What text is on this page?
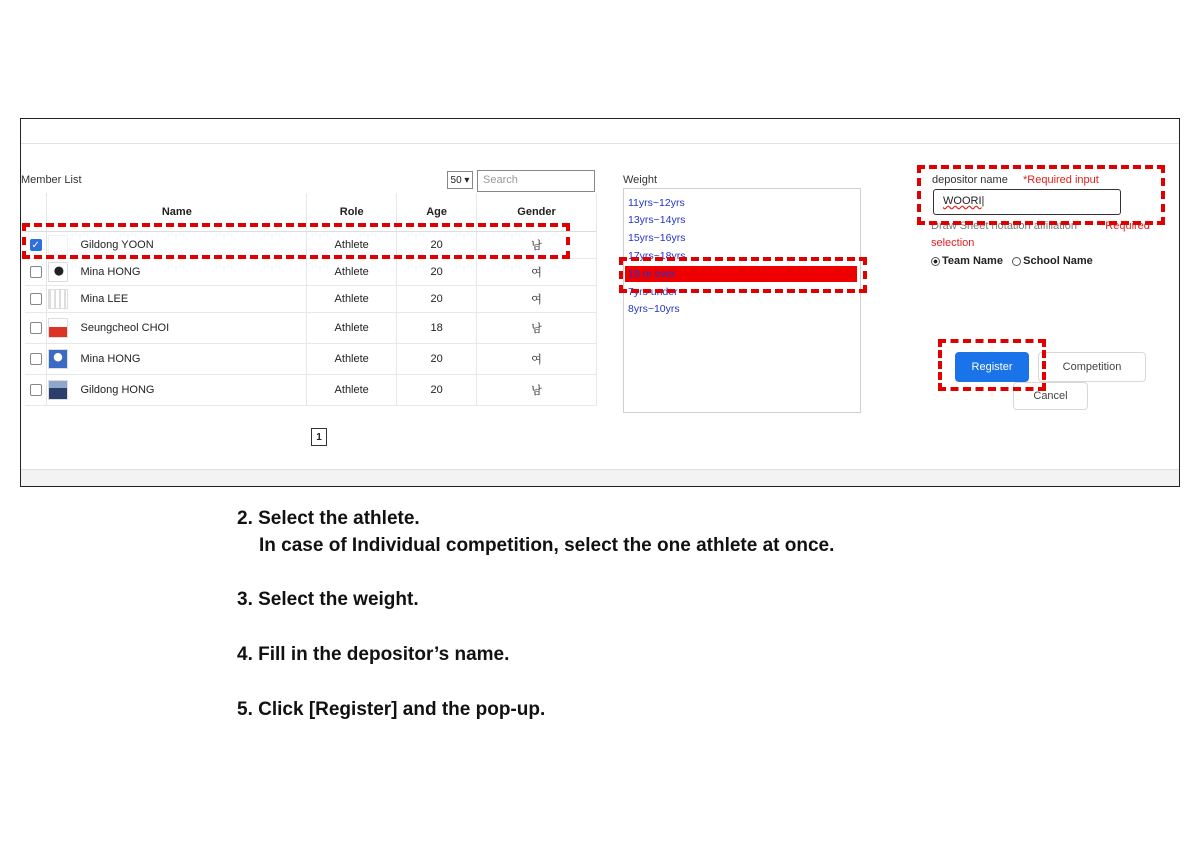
Member List	50 ▾	Search
	Name	Role	Age	Gender
✓	Gildong YOON	Athlete	20	남
	Mina HONG	Athlete	20	여
	Mina LEE	Athlete	20	여
	Seungcheol CHOI	Athlete	18	남
	Mina HONG	Athlete	20	여
	Gildong HONG	Athlete	20	남
1
Weight
11yrs~12yrs
13yrs~14yrs
15yrs~16yrs
17yrs~18yrs
19 or over
7yrs under
8yrs~10yrs
depositor name *Required input
WOORI|
Draw Sheet notation affiliation *Required
selection
Team Name School Name
Register	Competition
Cancel
2. Select the athlete.
In case of Individual competition, select the one athlete at once.
3. Select the weight.
4. Fill in the depositor’s name.
5. Click [Register] and the pop-up.
